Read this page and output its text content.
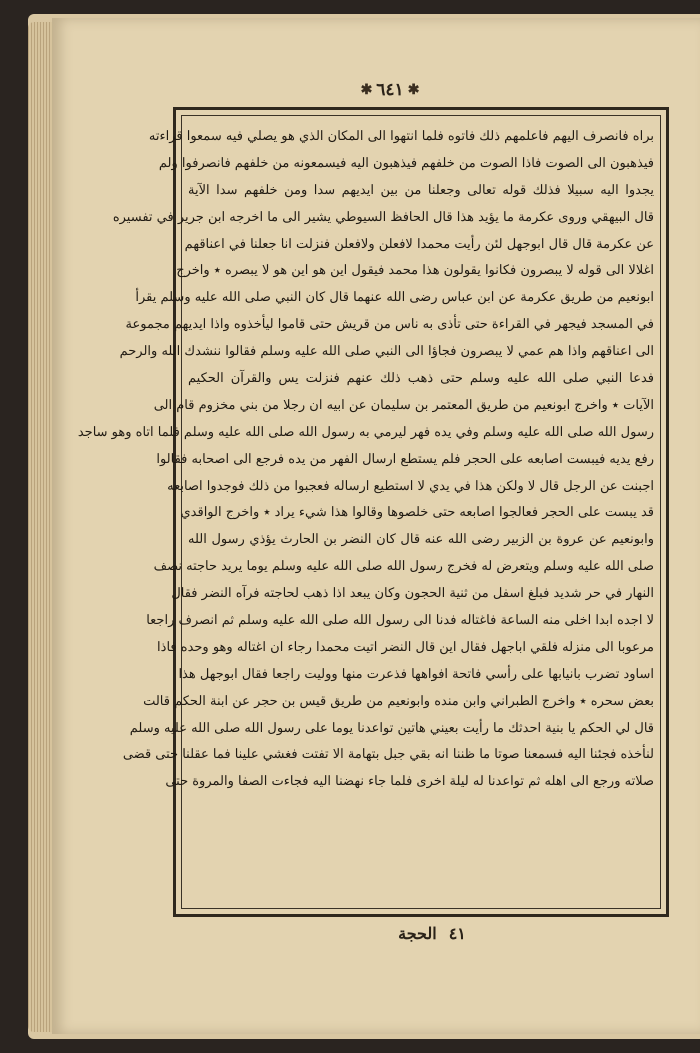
✱ ٦٤١ ✱
براه فانصرف اليهم فاعلمهم ذلك فاتوه فلما انتهوا الى المكان الذي هو يصلي فيه سمعوا قراءته
فيذهبون الى الصوت فاذا الصوت من خلفهم فيذهبون اليه فيسمعونه من خلفهم فانصرفوا ولم
يجدوا اليه سبيلا فذلك قوله تعالى وجعلنا من بين ايديهم سدا ومن خلفهم سدا الآية
قال البيهقي وروى عكرمة ما يؤيد هذا قال الحافظ السيوطي يشير الى ما اخرجه ابن جرير في تفسيره
عن عكرمة قال قال ابوجهل لئن رأيت محمدا لافعلن ولافعلن فنزلت انا جعلنا في اعناقهم
اغلالا الى قوله لا يبصرون فكانوا يقولون هذا محمد فيقول اين هو اين هو لا يبصره ٭ واخرج
ابونعيم من طريق عكرمة عن ابن عباس رضى الله عنهما قال كان النبي صلى الله عليه وسلم يقرأ
في المسجد فيجهر في القراءة حتى تأذى به ناس من قريش حتى قاموا ليأخذوه واذا ايديهم مجموعة
الى اعناقهم واذا هم عمي لا يبصرون فجاؤا الى النبي صلى الله عليه وسلم فقالوا ننشدك الله والرحم
فدعا النبي صلى الله عليه وسلم حتى ذهب ذلك عنهم فنزلت يس والقرآن الحكيم
الآيات ٭ واخرج ابونعيم من طريق المعتمر بن سليمان عن ابيه ان رجلا من بني مخزوم قام الى
رسول الله صلى الله عليه وسلم وفي يده فهر ليرمي به رسول الله صلى الله عليه وسلم فلما اتاه وهو ساجد
رفع يديه فيبست اصابعه على الحجر فلم يستطع ارسال الفهر من يده فرجع الى اصحابه فقالوا
اجبنت عن الرجل قال لا ولكن هذا في يدي لا استطيع ارساله فعجبوا من ذلك فوجدوا اصابعه
قد يبست على الحجر فعالجوا اصابعه حتى خلصوها وقالوا هذا شيء يراد ٭ واخرج الواقدي
وابونعيم عن عروة بن الزبير رضى الله عنه قال كان النضر بن الحارث يؤذي رسول الله
صلى الله عليه وسلم ويتعرض له فخرج رسول الله صلى الله عليه وسلم يوما يريد حاجته نصف
النهار في حر شديد فبلغ اسفل من ثنية الحجون وكان يبعد اذا ذهب لحاجته فرآه النضر فقال
لا اجده ابدا اخلى منه الساعة فاغتاله فدنا الى رسول الله صلى الله عليه وسلم ثم انصرف راجعا
مرعوبا الى منزله فلقي اباجهل فقال اين قال النضر اتيت محمدا رجاء ان اغتاله وهو وحده فاذا
اساود تضرب بانيابها على رأسي فاتحة افواهها فذعرت منها ووليت راجعا فقال ابوجهل هذا
بعض سحره ٭ واخرج الطبراني وابن منده وابونعيم من طريق قيس بن حجر عن ابنة الحكم قالت
قال لي الحكم يا بنية احدثك ما رأيت بعيني هاتين تواعدنا يوما على رسول الله صلى الله عليه وسلم
لنأخذه فجئنا اليه فسمعنا صوتا ما ظننا انه بقي جبل بتهامة الا تفتت فغشي علينا فما عقلنا حتى قضى
صلاته ورجع الى اهله ثم تواعدنا له ليلة اخرى فلما جاء نهضنا اليه فجاءت الصفا والمروة حتى
٤١
الحجة
